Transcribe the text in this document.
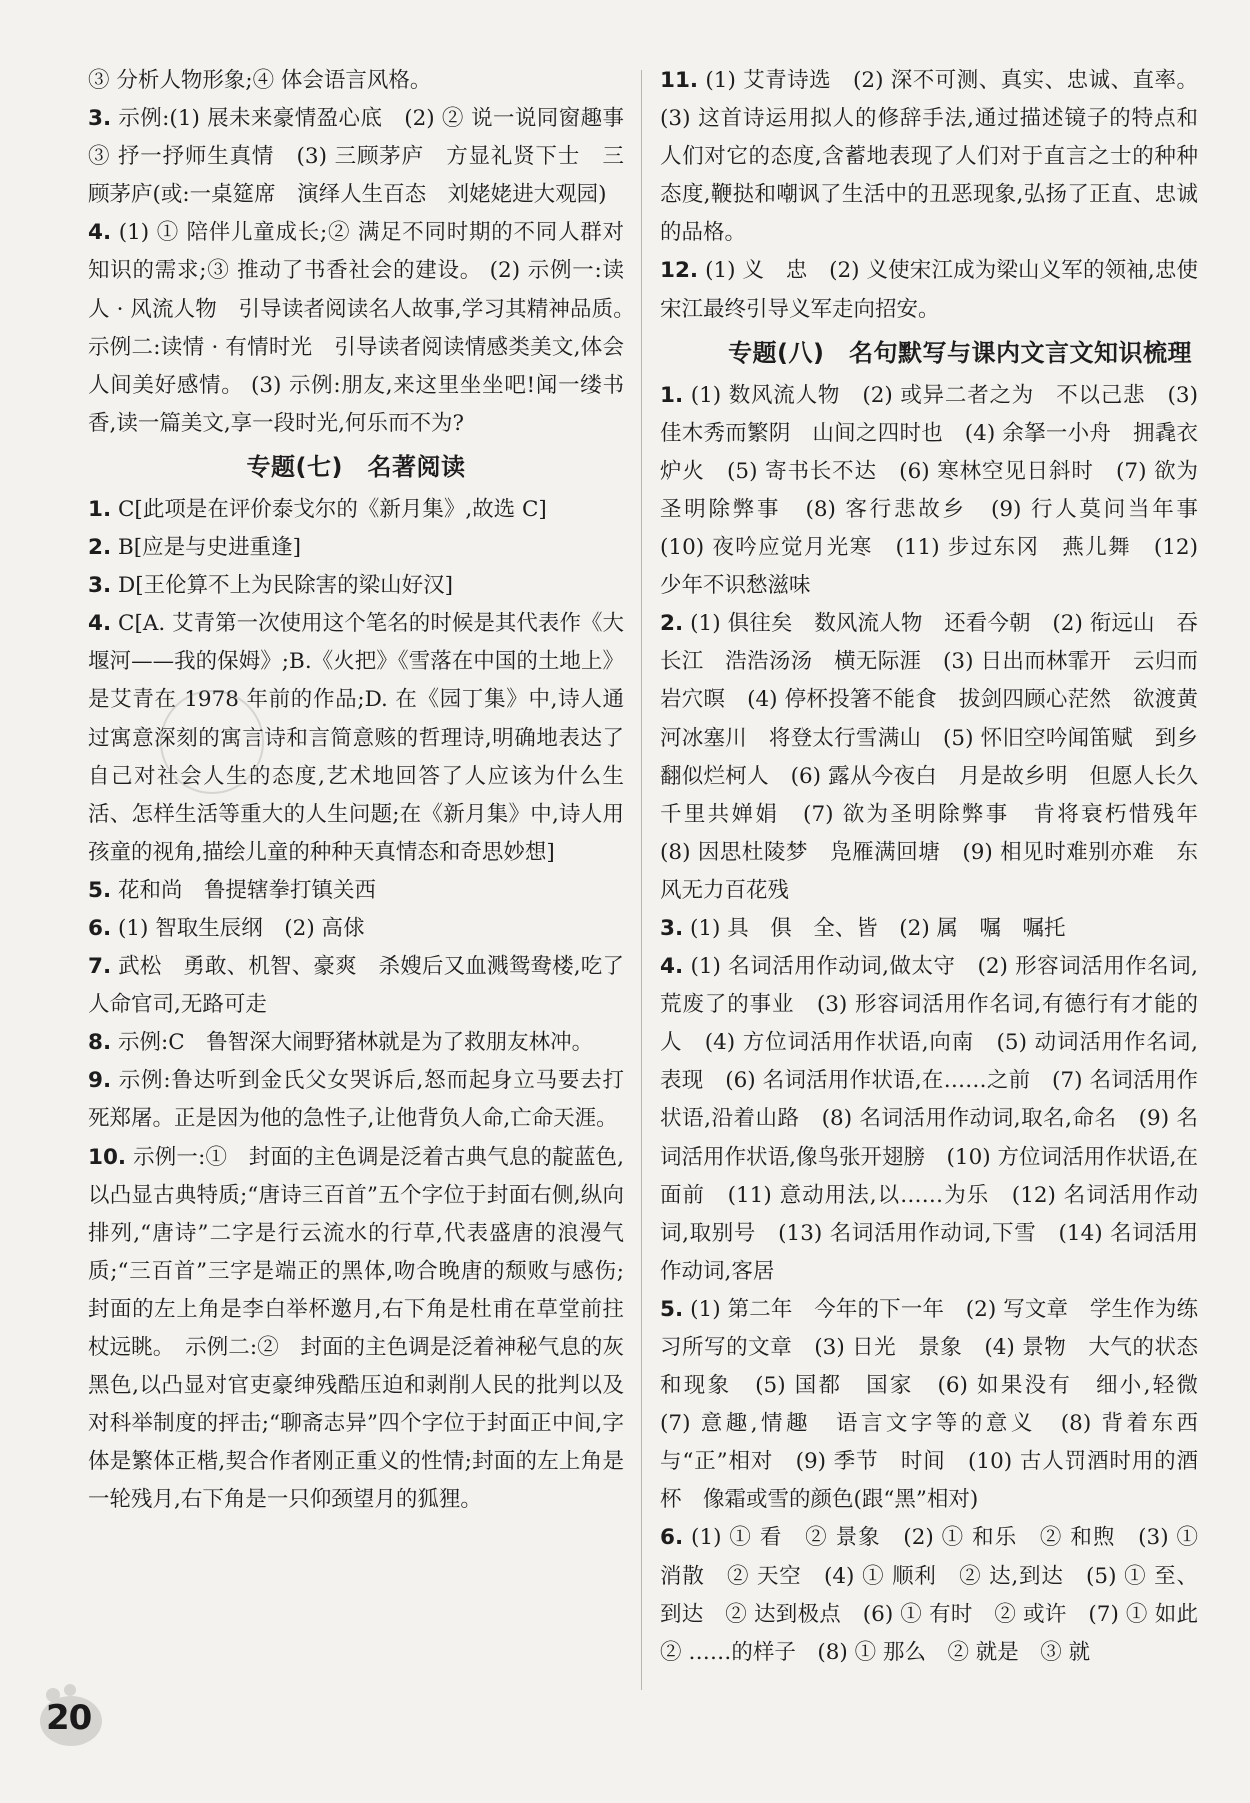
③ 分析人物形象;④ 体会语言风格。
3. 示例:(1) 展未来豪情盈心底　(2) ② 说一说同窗趣事　③ 抒一抒师生真情　(3) 三顾茅庐　方显礼贤下士　三顾茅庐(或:一桌筵席　演绎人生百态　刘姥姥进大观园)
4. (1) ① 陪伴儿童成长;② 满足不同时期的不同人群对知识的需求;③ 推动了书香社会的建设。 (2) 示例一:读人 · 风流人物　引导读者阅读名人故事,学习其精神品质。　示例二:读情 · 有情时光　引导读者阅读情感类美文,体会人间美好感情。 (3) 示例:朋友,来这里坐坐吧!闻一缕书香,读一篇美文,享一段时光,何乐而不为?
专题(七)　名著阅读
1. C[此项是在评价泰戈尔的《新月集》,故选 C]
2. B[应是与史进重逢]
3. D[王伦算不上为民除害的梁山好汉]
4. C[A. 艾青第一次使用这个笔名的时候是其代表作《大堰河——我的保姆》;B.《火把》《雪落在中国的土地上》是艾青在 1978 年前的作品;D. 在《园丁集》中,诗人通过寓意深刻的寓言诗和言简意赅的哲理诗,明确地表达了自己对社会人生的态度,艺术地回答了人应该为什么生活、怎样生活等重大的人生问题;在《新月集》中,诗人用孩童的视角,描绘儿童的种种天真情态和奇思妙想]
5. 花和尚　鲁提辖拳打镇关西
6. (1) 智取生辰纲　(2) 高俅
7. 武松　勇敢、机智、豪爽　杀嫂后又血溅鸳鸯楼,吃了人命官司,无路可走
8. 示例:C　鲁智深大闹野猪林就是为了救朋友林冲。
9. 示例:鲁达听到金氏父女哭诉后,怒而起身立马要去打死郑屠。正是因为他的急性子,让他背负人命,亡命天涯。
10. 示例一:①　封面的主色调是泛着古典气息的靛蓝色,以凸显古典特质;“唐诗三百首”五个字位于封面右侧,纵向排列,“唐诗”二字是行云流水的行草,代表盛唐的浪漫气质;“三百首”三字是端正的黑体,吻合晚唐的颓败与感伤;封面的左上角是李白举杯邀月,右下角是杜甫在草堂前拄杖远眺。　示例二:②　封面的主色调是泛着神秘气息的灰黑色,以凸显对官吏豪绅残酷压迫和剥削人民的批判以及对科举制度的抨击;“聊斋志异”四个字位于封面正中间,字体是繁体正楷,契合作者刚正重义的性情;封面的左上角是一轮残月,右下角是一只仰颈望月的狐狸。
11. (1) 艾青诗选　(2) 深不可测、真实、忠诚、直率。 (3) 这首诗运用拟人的修辞手法,通过描述镜子的特点和人们对它的态度,含蓄地表现了人们对于直言之士的种种态度,鞭挞和嘲讽了生活中的丑恶现象,弘扬了正直、忠诚的品格。
12. (1) 义　忠　(2) 义使宋江成为梁山义军的领袖,忠使宋江最终引导义军走向招安。
专题(八)　名句默写与课内文言文知识梳理
1. (1) 数风流人物　(2) 或异二者之为　不以己悲　(3) 佳木秀而繁阴　山间之四时也　(4) 余拏一小舟　拥毳衣炉火　(5) 寄书长不达　(6) 寒林空见日斜时　(7) 欲为圣明除弊事　(8) 客行悲故乡　(9) 行人莫问当年事　(10) 夜吟应觉月光寒　(11) 步过东冈　燕儿舞　(12) 少年不识愁滋味
2. (1) 俱往矣　数风流人物　还看今朝　(2) 衔远山　吞长江　浩浩汤汤　横无际涯　(3) 日出而林霏开　云归而岩穴暝　(4) 停杯投箸不能食　拔剑四顾心茫然　欲渡黄河冰塞川　将登太行雪满山　(5) 怀旧空吟闻笛赋　到乡翻似烂柯人　(6) 露从今夜白　月是故乡明　但愿人长久　千里共婵娟　(7) 欲为圣明除弊事　肯将衰朽惜残年　(8) 因思杜陵梦　凫雁满回塘　(9) 相见时难别亦难　东风无力百花残
3. (1) 具　俱　全、皆　(2) 属　嘱　嘱托
4. (1) 名词活用作动词,做太守　(2) 形容词活用作名词,荒废了的事业　(3) 形容词活用作名词,有德行有才能的人　(4) 方位词活用作状语,向南　(5) 动词活用作名词,表现　(6) 名词活用作状语,在……之前　(7) 名词活用作状语,沿着山路　(8) 名词活用作动词,取名,命名　(9) 名词活用作状语,像鸟张开翅膀　(10) 方位词活用作状语,在面前　(11) 意动用法,以……为乐　(12) 名词活用作动词,取别号　(13) 名词活用作动词,下雪　(14) 名词活用作动词,客居
5. (1) 第二年　今年的下一年　(2) 写文章　学生作为练习所写的文章　(3) 日光　景象　(4) 景物　大气的状态和现象　(5) 国都　国家　(6) 如果没有　细小,轻微　(7) 意趣,情趣　语言文字等的意义　(8) 背着东西与“正”相对　(9) 季节　时间　(10) 古人罚酒时用的酒杯　像霜或雪的颜色(跟“黑”相对)
6. (1) ① 看　② 景象　(2) ① 和乐　② 和煦　(3) ① 消散　② 天空　(4) ① 顺利　② 达,到达　(5) ① 至、到达　② 达到极点　(6) ① 有时　② 或许　(7) ① 如此　② ……的样子　(8) ① 那么　② 就是　③ 就
20
